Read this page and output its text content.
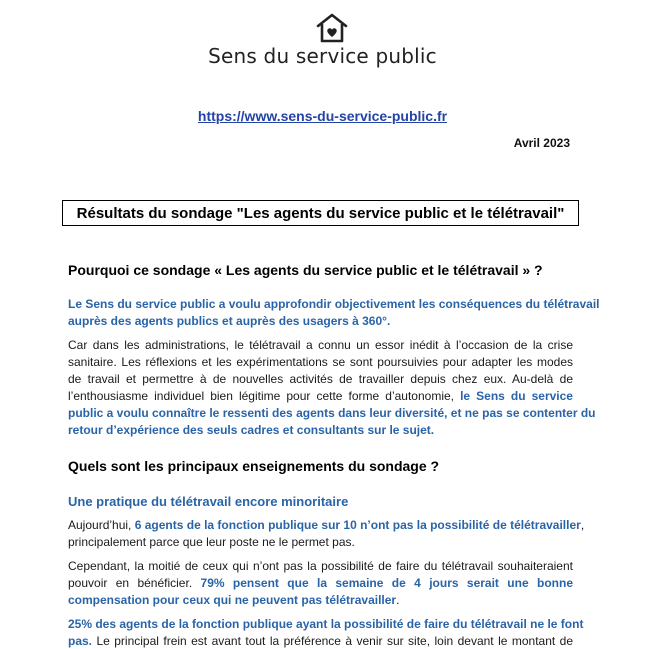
Sens du service public
https://www.sens-du-service-public.fr
Avril 2023
Résultats du sondage "Les agents du service public et le télétravail"
Pourquoi ce sondage « Les agents du service public et le télétravail » ?
Le Sens du service public a voulu approfondir objectivement les conséquences du télétravail
auprès des agents publics et auprès des usagers à 360°.
Car dans les administrations, le télétravail a connu un essor inédit à l’occasion de la crise
sanitaire. Les réflexions et les expérimentations se sont poursuivies pour adapter les modes
de travail et permettre à de nouvelles activités de travailler depuis chez eux. Au-delà de
l’enthousiasme individuel bien légitime pour cette forme d’autonomie, le Sens du service
public a voulu connaître le ressenti des agents dans leur diversité, et ne pas se contenter du
retour d’expérience des seuls cadres et consultants sur le sujet.
Quels sont les principaux enseignements du sondage ?
Une pratique du télétravail encore minoritaire
Aujourd’hui, 6 agents de la fonction publique sur 10 n’ont pas la possibilité de télétravailler,
principalement parce que leur poste ne le permet pas.
Cependant, la moitié de ceux qui n’ont pas la possibilité de faire du télétravail souhaiteraient
pouvoir en bénéficier. 79% pensent que la semaine de 4 jours serait une bonne
compensation pour ceux qui ne peuvent pas télétravailler.
25% des agents de la fonction publique ayant la possibilité de faire du télétravail ne le font
pas. Le principal frein est avant tout la préférence à venir sur site, loin devant le montant de
